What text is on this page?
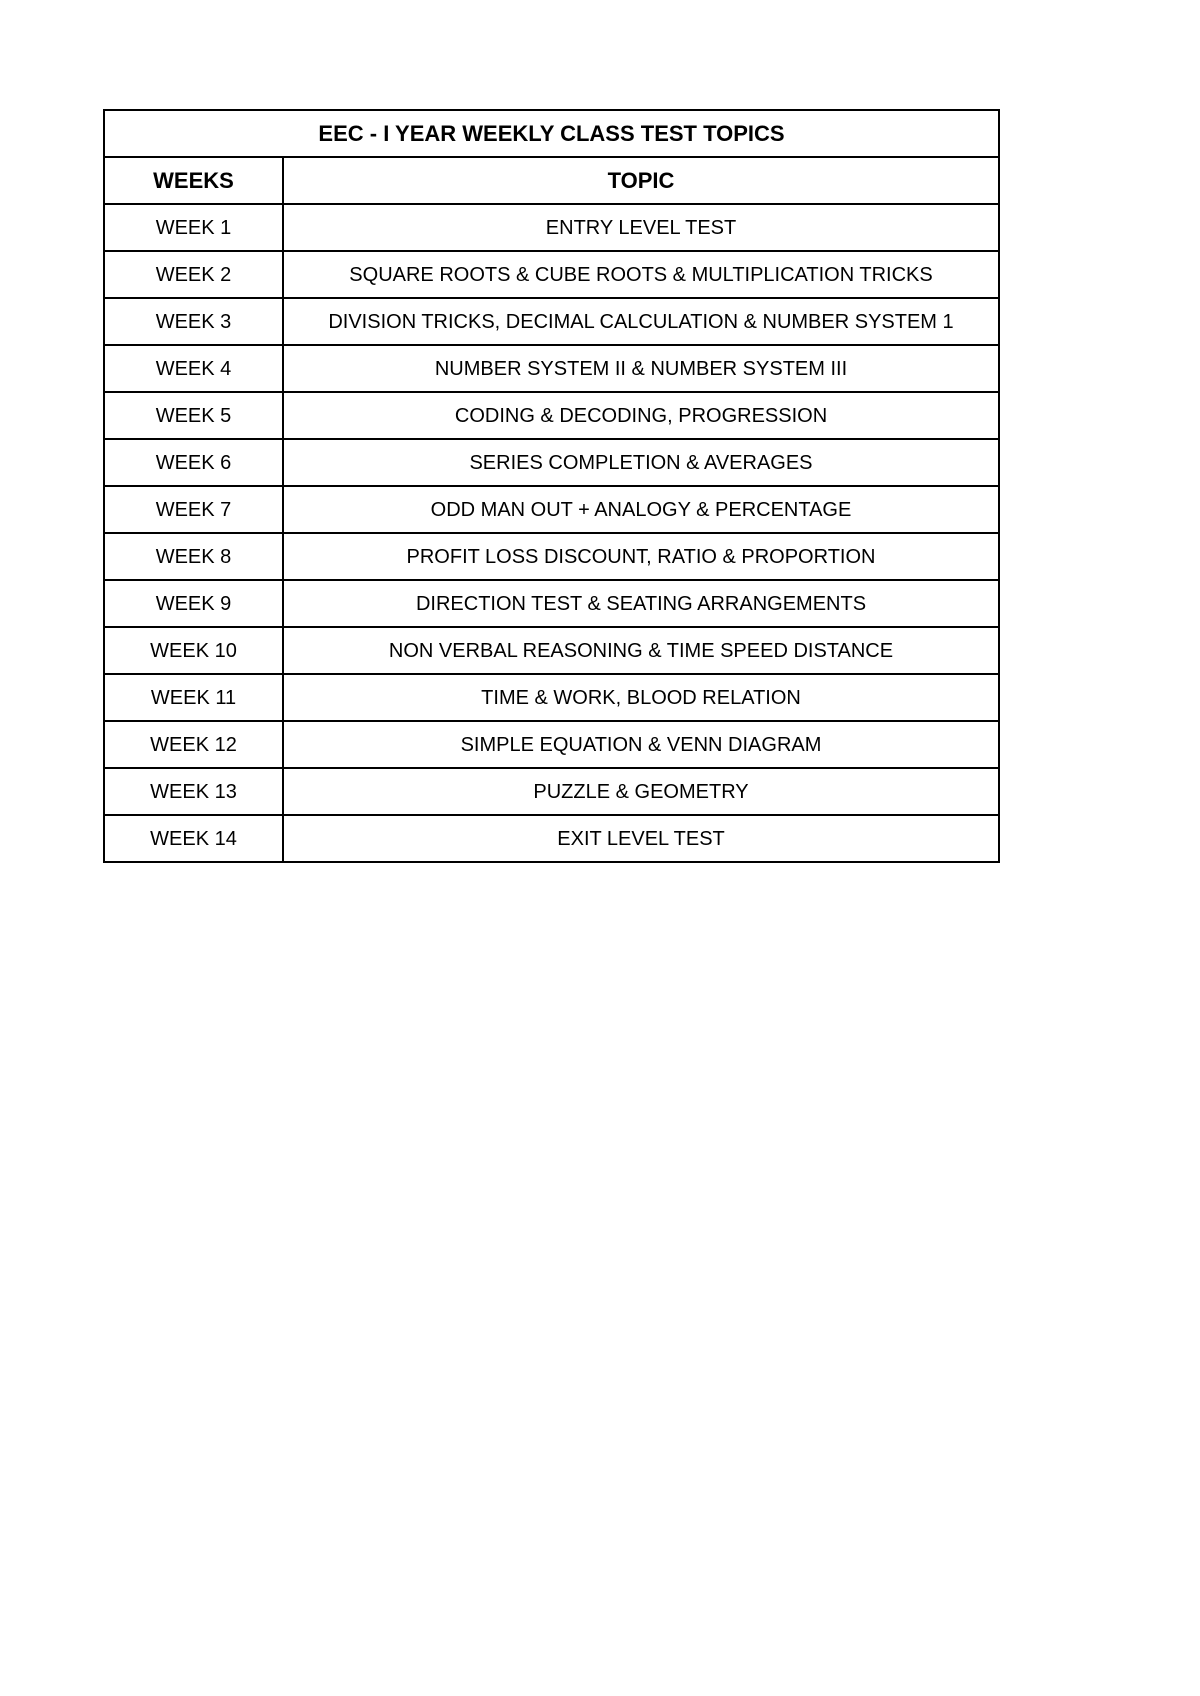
EEC - I YEAR WEEKLY CLASS TEST TOPICS	
WEEKS	TOPIC
WEEK 1	ENTRY LEVEL TEST
WEEK 2	SQUARE ROOTS & CUBE ROOTS & MULTIPLICATION TRICKS
WEEK 3	DIVISION TRICKS, DECIMAL CALCULATION & NUMBER SYSTEM 1
WEEK 4	NUMBER SYSTEM II & NUMBER SYSTEM III
WEEK 5	CODING & DECODING, PROGRESSION
WEEK 6	SERIES COMPLETION & AVERAGES
WEEK 7	ODD MAN OUT + ANALOGY & PERCENTAGE
WEEK 8	PROFIT LOSS DISCOUNT, RATIO & PROPORTION
WEEK 9	DIRECTION TEST & SEATING ARRANGEMENTS
WEEK 10	NON VERBAL REASONING & TIME SPEED DISTANCE
WEEK 11	TIME & WORK, BLOOD RELATION
WEEK 12	SIMPLE EQUATION & VENN DIAGRAM
WEEK 13	PUZZLE & GEOMETRY
WEEK 14	EXIT LEVEL TEST
